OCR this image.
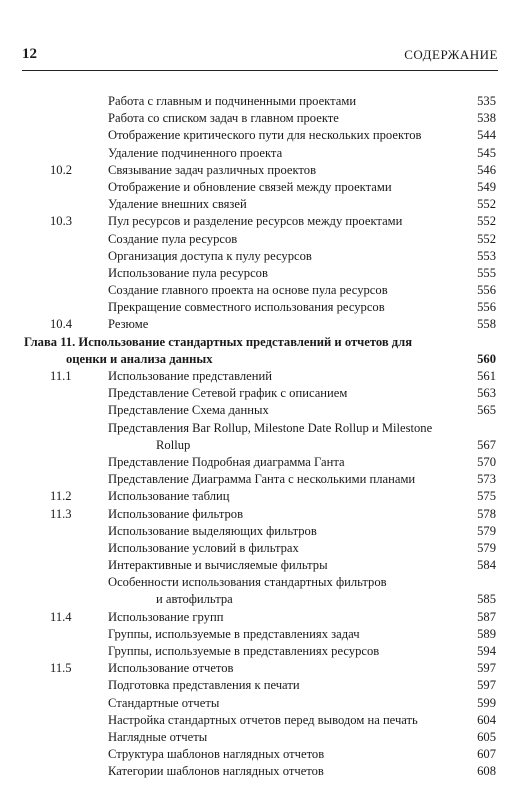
12	СОДЕРЖАНИЕ
Работа с главным и подчиненными проектами	535
Работа со списком задач в главном проекте	538
Отображение критического пути для нескольких проектов	544
Удаление подчиненного проекта	545
10.2	Связывание задач различных проектов	546
Отображение и обновление связей между проектами	549
Удаление внешних связей	552
10.3	Пул ресурсов и разделение ресурсов между проектами	552
Создание пула ресурсов	552
Организация доступа к пулу ресурсов	553
Использование пула ресурсов	555
Создание главного проекта на основе пула ресурсов	556
Прекращение совместного использования ресурсов	556
10.4	Резюме	558
Глава 11. Использование стандартных представлений и отчетов для
оценки и анализа данных	560
11.1	Использование представлений	561
Представление Сетевой график с описанием	563
Представление Схема данных	565
Представления Bar Rollup, Milestone Date Rollup и Milestone
Rollup	567
Представление Подробная диаграмма Ганта	570
Представление Диаграмма Ганта с несколькими планами	573
11.2	Использование таблиц	575
11.3	Использование фильтров	578
Использование выделяющих фильтров	579
Использование условий в фильтрах	579
Интерактивные и вычисляемые фильтры	584
Особенности использования стандартных фильтров
и автофильтра	585
11.4	Использование групп	587
Группы, используемые в представлениях задач	589
Группы, используемые в представлениях ресурсов	594
11.5	Использование отчетов	597
Подготовка представления к печати	597
Стандартные отчеты	599
Настройка стандартных отчетов перед выводом на печать	604
Наглядные отчеты	605
Структура шаблонов наглядных отчетов	607
Категории шаблонов наглядных отчетов	608
